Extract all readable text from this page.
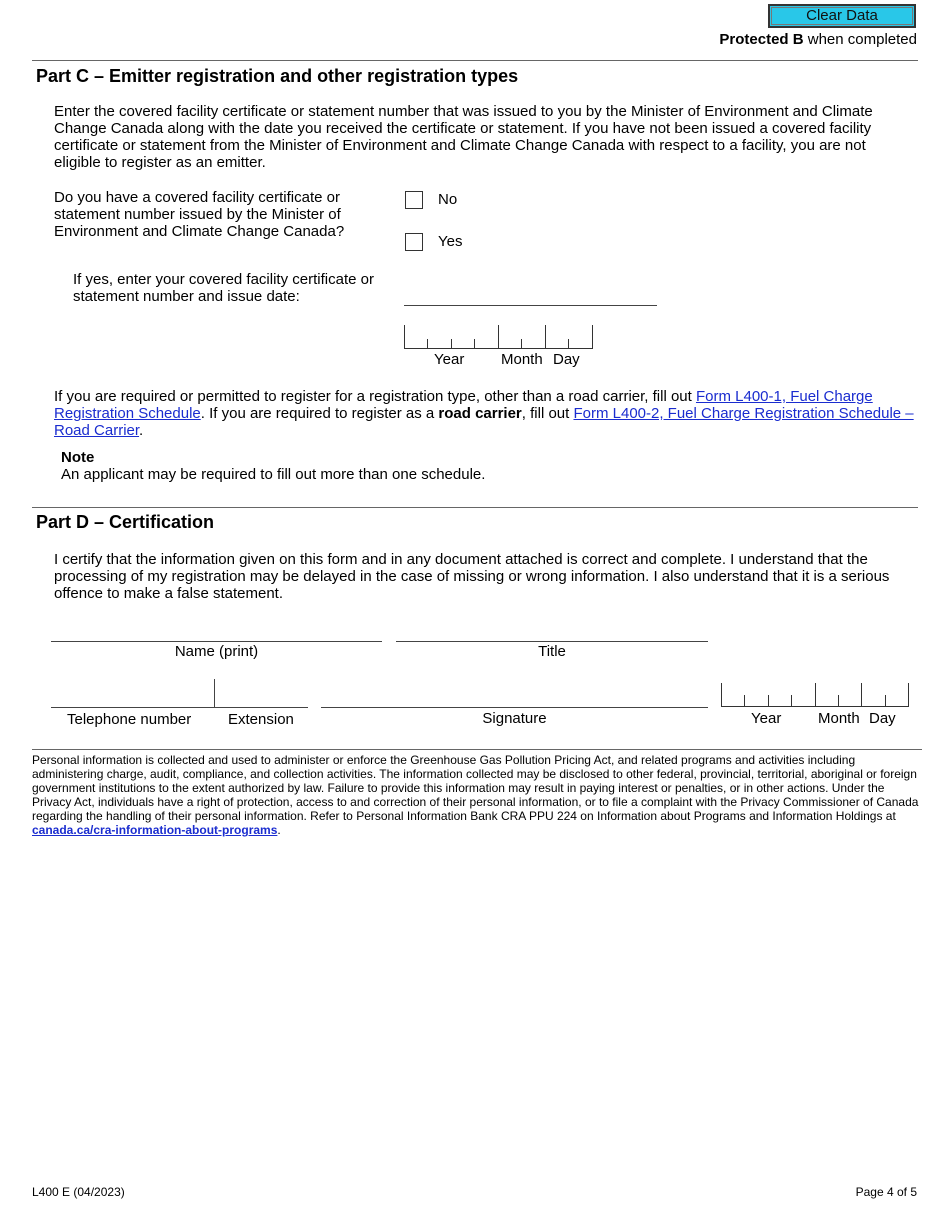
Clear Data
Protected B when completed
Part C – Emitter registration and other registration types
Enter the covered facility certificate or statement number that was issued to you by the Minister of Environment and Climate Change Canada along with the date you received the certificate or statement. If you have not been issued a covered facility certificate or statement from the Minister of Environment and Climate Change Canada with respect to a facility, you are not eligible to register as an emitter.
Do you have a covered facility certificate or statement number issued by the Minister of Environment and Climate Change Canada?
No
Yes
If yes, enter your covered facility certificate or statement number and issue date:
Year Month Day
If you are required or permitted to register for a registration type, other than a road carrier, fill out Form L400-1, Fuel Charge Registration Schedule. If you are required to register as a road carrier, fill out Form L400-2, Fuel Charge Registration Schedule – Road Carrier.
Note
An applicant may be required to fill out more than one schedule.
Part D – Certification
I certify that the information given on this form and in any document attached is correct and complete. I understand that the processing of my registration may be delayed in the case of missing or wrong information. I also understand that it is a serious offence to make a false statement.
Name (print)	Title
Telephone number Extension	Signature	Year Month Day
Personal information is collected and used to administer or enforce the Greenhouse Gas Pollution Pricing Act, and related programs and activities including administering charge, audit, compliance, and collection activities. The information collected may be disclosed to other federal, provincial, territorial, aboriginal or foreign government institutions to the extent authorized by law. Failure to provide this information may result in paying interest or penalties, or in other actions. Under the Privacy Act, individuals have a right of protection, access to and correction of their personal information, or to file a complaint with the Privacy Commissioner of Canada regarding the handling of their personal information. Refer to Personal Information Bank CRA PPU 224 on Information about Programs and Information Holdings at canada.ca/cra-information-about-programs.
L400 E (04/2023)	Page 4 of 5
